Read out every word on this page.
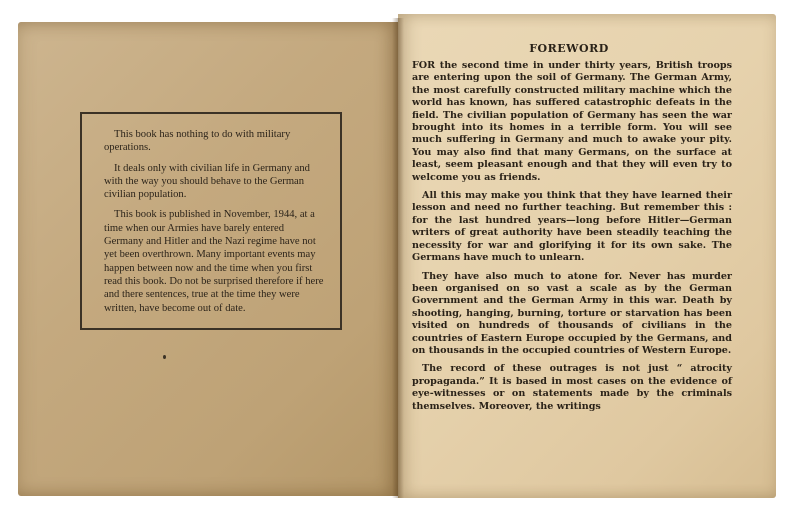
This book has nothing to do with military operations.

It deals only with civilian life in Germany and with the way you should behave to the German civilian population.

This book is published in November, 1944, at a time when our Armies have barely entered Germany and Hitler and the Nazi regime have not yet been overthrown. Many important events may happen between now and the time when you first read this book. Do not be surprised therefore if here and there sentences, true at the time they were written, have become out of date.

FOREWORD

FOR the second time in under thirty years, British troops are entering upon the soil of Germany. The German Army, the most carefully constructed military machine which the world has known, has suffered catastrophic defeats in the field. The civilian population of Germany has seen the war brought into its homes in a terrible form. You will see much suffering in Germany and much to awake your pity. You may also find that many Germans, on the surface at least, seem pleasant enough and that they will even try to welcome you as friends.

All this may make you think that they have learned their lesson and need no further teaching. But remember this : for the last hundred years—long before Hitler—German writers of great authority have been steadily teaching the necessity for war and glorifying it for its own sake. The Germans have much to unlearn.

They have also much to atone for. Never has murder been organised on so vast a scale as by the German Government and the German Army in this war. Death by shooting, hanging, burning, torture or starvation has been visited on hundreds of thousands of civilians in the countries of Eastern Europe occupied by the Germans, and on thousands in the occupied countries of Western Europe.

The record of these outrages is not just “ atrocity propaganda.” It is based in most cases on the evidence of eye-witnesses or on statements made by the criminals themselves. Moreover, the writings
